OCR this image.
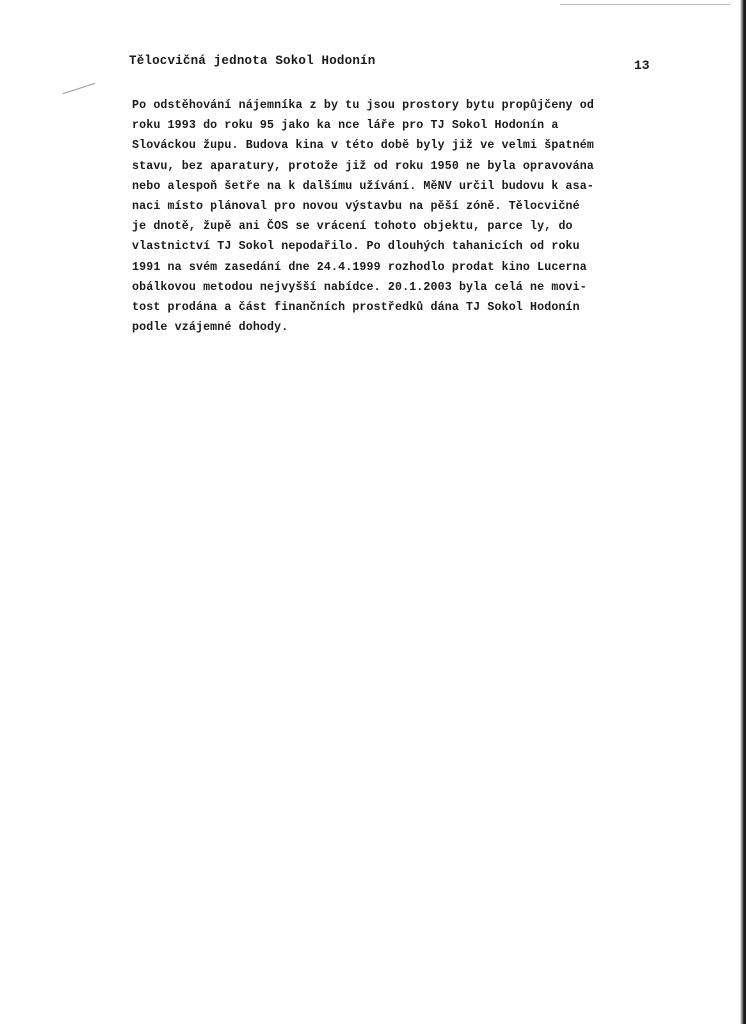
Tělocvičná jednota Sokol Hodonín	13
Po odstěhování nájemníka z by tu jsou prostory bytu propůjčeny od
roku 1993 do roku 95 jako ka nce láře pro TJ Sokol Hodonín a
Slováckou župu. Budova kina v této době byly již ve velmi špatném
stavu, bez aparatury, protože již od roku 1950 ne byla opravována
nebo alespoň šetře na k dalšímu užívání. MěNV určil budovu k asa-
naci místo plánoval pro novou výstavbu na pěší zóně. Tělocvičné
je dnotě, župě ani ČOS se vrácení tohoto objektu, parce ly, do
vlastnictví TJ Sokol nepodařilo. Po dlouhých tahanicích od roku
1991 na svém zasedání dne 24.4.1999 rozhodlo prodat kino Lucerna
obálkovou metodou nejvyšší nabídce. 20.1.2003 byla celá ne movi-
tost prodána a část finančních prostředků dána TJ Sokol Hodonín
podle vzájemné dohody.
